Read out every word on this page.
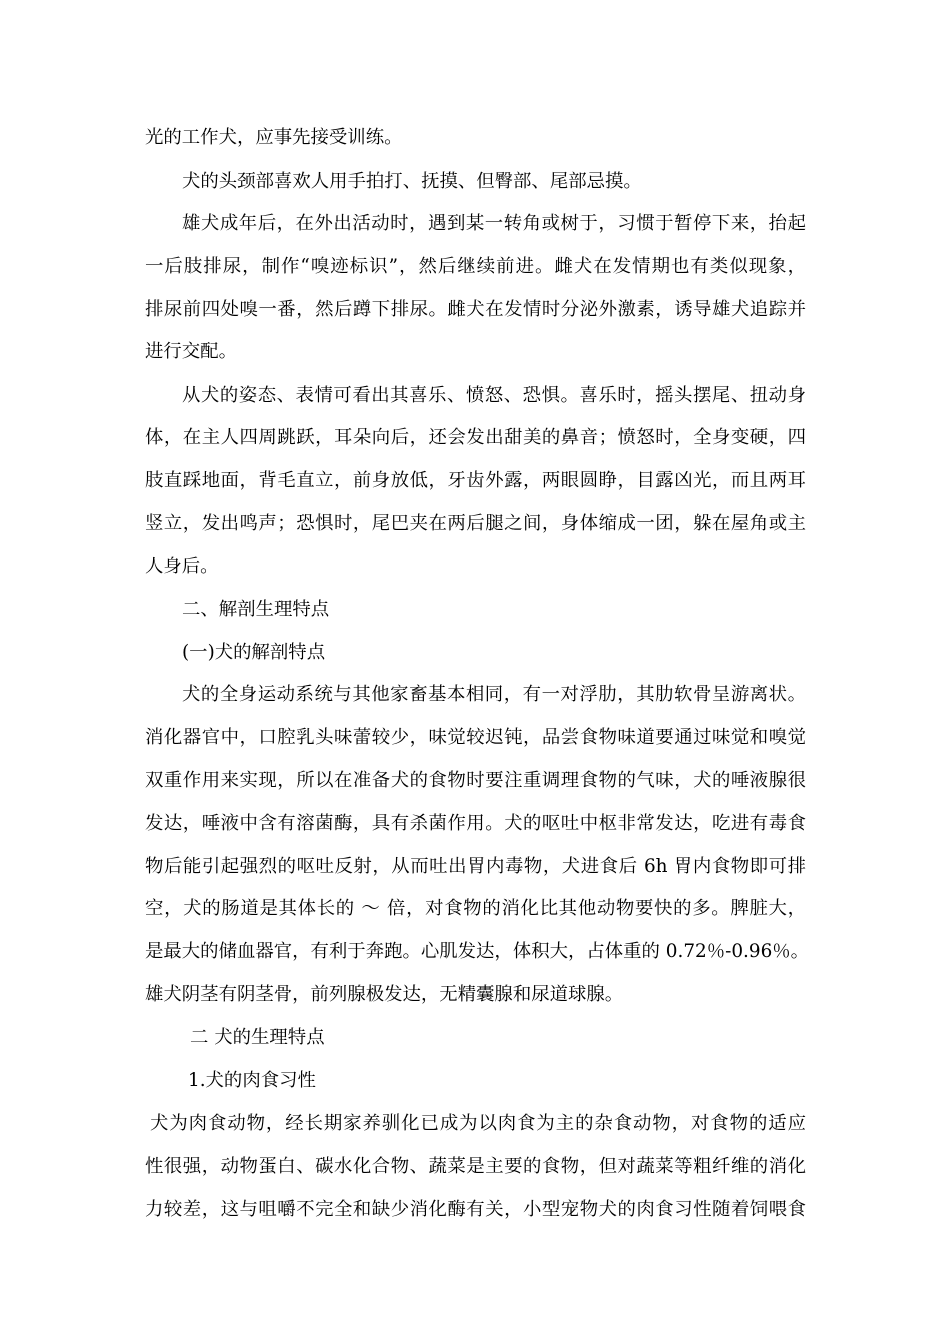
光的工作犬，应事先接受训练。

犬的头颈部喜欢人用手拍打、抚摸、但臀部、尾部忌摸。

雄犬成年后，在外出活动时，遇到某一转角或树于，习惯于暂停下来，抬起

一后肢排尿，制作“嗅迹标识”，然后继续前进。雌犬在发情期也有类似现象，

排尿前四处嗅一番，然后蹲下排尿。雌犬在发情时分泌外激素，诱导雄犬追踪并

进行交配。

从犬的姿态、表情可看出其喜乐、愤怒、恐惧。喜乐时，摇头摆尾、扭动身

体，在主人四周跳跃，耳朵向后，还会发出甜美的鼻音；愤怒时，全身变硬，四

肢直踩地面，背毛直立，前身放低，牙齿外露，两眼圆睁，目露凶光，而且两耳

竖立，发出鸣声；恐惧时，尾巴夹在两后腿之间，身体缩成一团，躲在屋角或主

人身后。

二、解剖生理特点

(一)犬的解剖特点

犬的全身运动系统与其他家畜基本相同，有一对浮肋，其肋软骨呈游离状。

消化器官中，口腔乳头味蕾较少，味觉较迟钝，品尝食物味道要通过味觉和嗅觉

双重作用来实现，所以在准备犬的食物时要注重调理食物的气味，犬的唾液腺很

发达，唾液中含有溶菌酶，具有杀菌作用。犬的呕吐中枢非常发达，吃进有毒食

物后能引起强烈的呕吐反射，从而吐出胃内毒物，犬进食后 6h 胃内食物即可排

空，犬的肠道是其体长的 ～ 倍，对食物的消化比其他动物要快的多。脾脏大，

是最大的储血器官，有利于奔跑。心肌发达，体积大，占体重的 0.72％-0.96％。

雄犬阴茎有阴茎骨，前列腺极发达，无精囊腺和尿道球腺。

二 犬的生理特点

1.犬的肉食习性

犬为肉食动物，经长期家养驯化已成为以肉食为主的杂食动物，对食物的适应

性很强，动物蛋白、碳水化合物、蔬菜是主要的食物，但对蔬菜等粗纤维的消化

力较差，这与咀嚼不完全和缺少消化酶有关，小型宠物犬的肉食习性随着饲喂食
